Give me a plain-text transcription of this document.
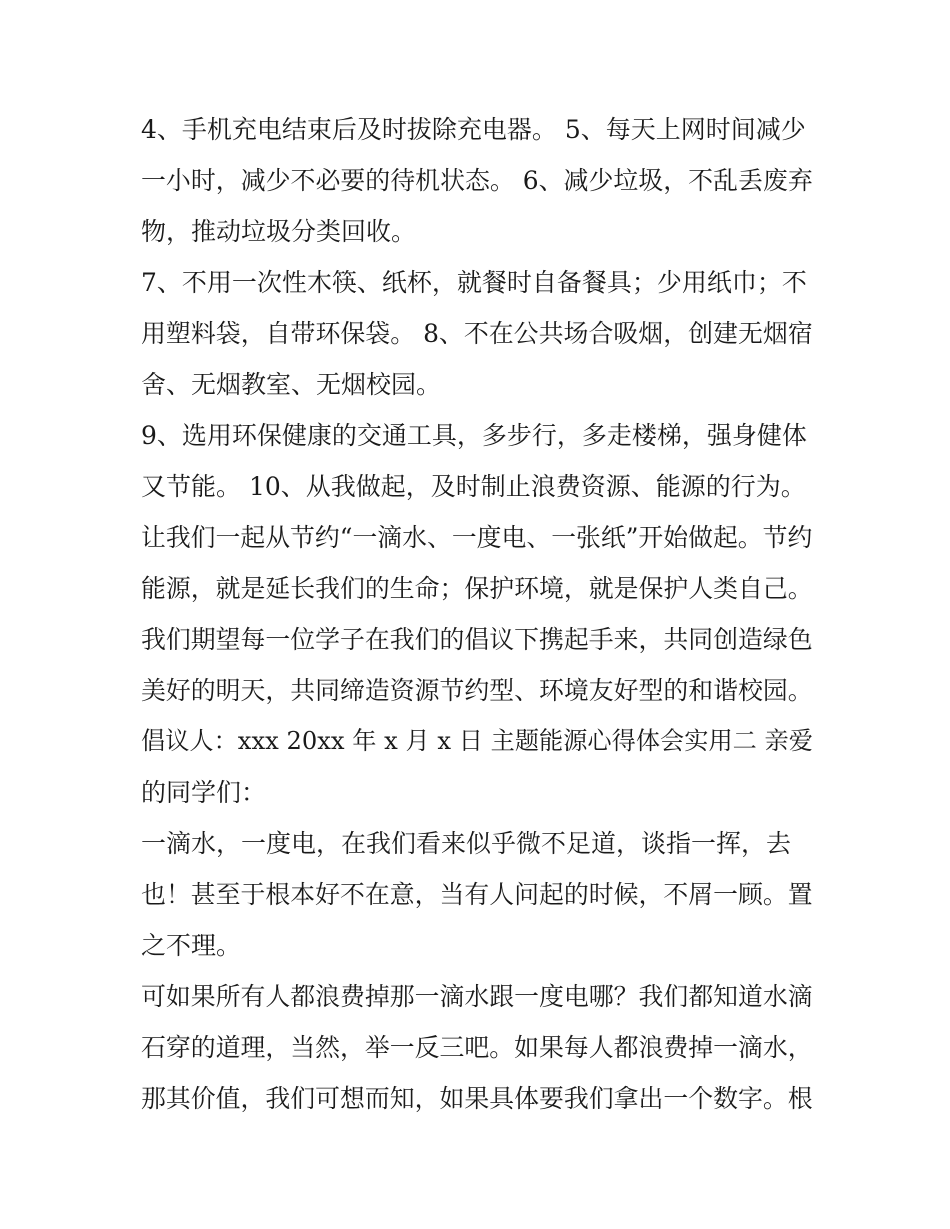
4、手机充电结束后及时拔除充电器。 5、每天上网时间减少
一小时，减少不必要的待机状态。 6、减少垃圾，不乱丢废弃
物，推动垃圾分类回收。
7、不用一次性木筷、纸杯，就餐时自备餐具；少用纸巾；不
用塑料袋，自带环保袋。 8、不在公共场合吸烟，创建无烟宿
舍、无烟教室、无烟校园。
9、选用环保健康的交通工具，多步行，多走楼梯，强身健体
又节能。 10、从我做起，及时制止浪费资源、能源的行为。
让我们一起从节约“一滴水、一度电、一张纸”开始做起。节约
能源，就是延长我们的生命；保护环境，就是保护人类自己。
我们期望每一位学子在我们的倡议下携起手来，共同创造绿色
美好的明天，共同缔造资源节约型、环境友好型的和谐校园。
倡议人：xxx 20xx 年 x 月 x 日 主题能源心得体会实用二 亲爱
的同学们：
一滴水，一度电，在我们看来似乎微不足道，谈指一挥，去
也！甚至于根本好不在意，当有人问起的时候，不屑一顾。置
之不理。
可如果所有人都浪费掉那一滴水跟一度电哪？我们都知道水滴
石穿的道理，当然，举一反三吧。如果每人都浪费掉一滴水，
那其价值，我们可想而知，如果具体要我们拿出一个数字。根
